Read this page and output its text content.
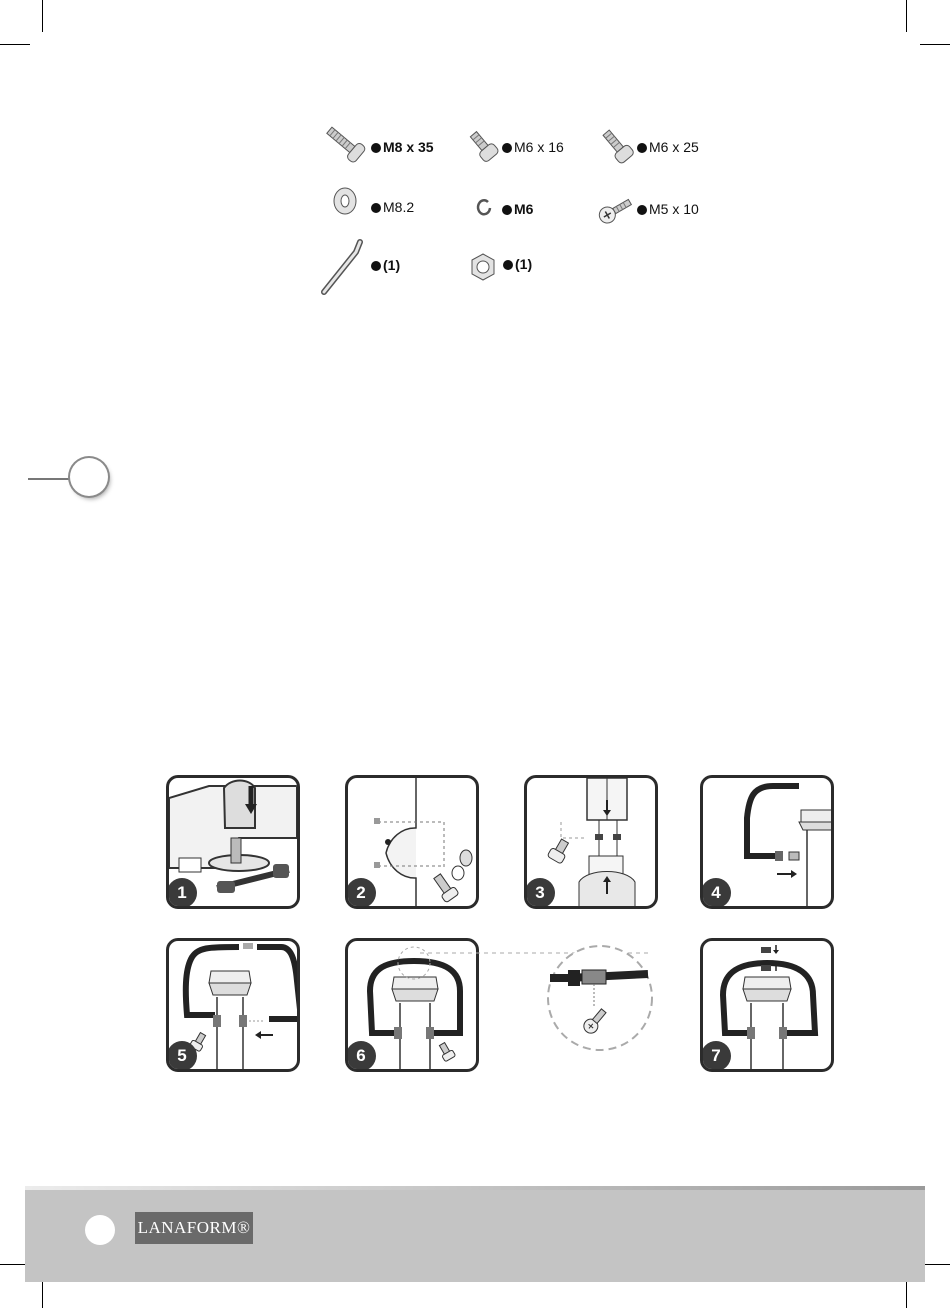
M8 x 35	M6 x 16	M6 x 25
M8.2	M6	M5 x 10
(1)	(1)
1	2	3	4
5	6	7
LANAFORM®
